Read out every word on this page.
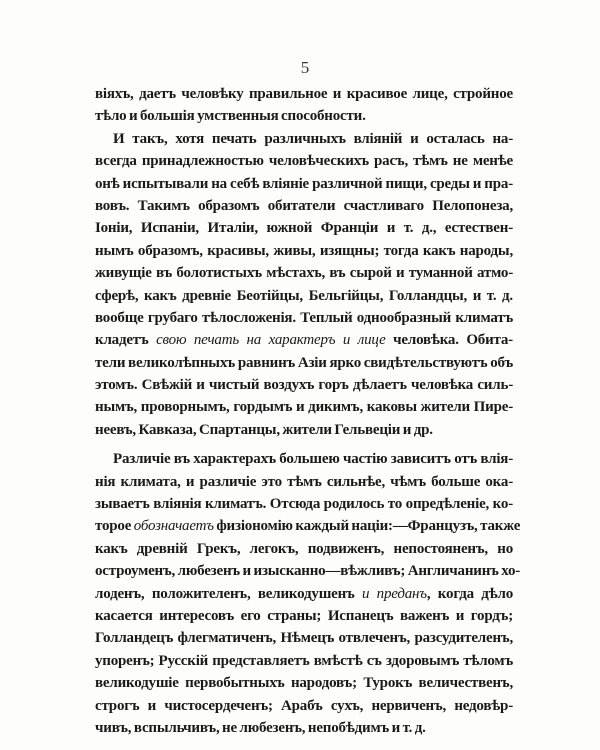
5
віяхъ, даетъ человѣку правильное и красивое лице, стройное
тѣло и большія умственныя способности.
И такъ, хотя печать различныхъ вліяній и осталась на-
всегда принадлежностью человѣческихъ расъ, тѣмъ не менѣе
онѣ испытывали на себѣ вліяніе различной пищи, среды и пра-
вовъ. Такимъ образомъ обитатели счастливаго Пелопонеза,
Іоніи, Испаніи, Италіи, южной Франціи и т. д., естествен-
нымъ образомъ, красивы, живы, изящны; тогда какъ народы,
живущіе въ болотистыхъ мѣстахъ, въ сырой и туманной атмо-
сферѣ, какъ древніе Беотійцы, Бельгійцы, Голландцы, и т. д.
вообще грубаго тѣлосложенія. Теплый однообразный климатъ
кладетъ свою печать на характеръ и лице человѣка. Обита-
тели великолѣпныхъ равнинъ Азіи ярко свидѣтельствуютъ объ
этомъ. Свѣжій и чистый воздухъ горъ дѣлаетъ человѣка силь-
нымъ, проворнымъ, гордымъ и дикимъ, каковы жители Пире-
неевъ, Кавказа, Спартанцы, жители Гельвеціи и др.
Различіе въ характерахъ большею частію зависитъ отъ влія-
нія климата, и различіе это тѣмъ сильнѣе, чѣмъ больше ока-
зываетъ вліянія климатъ. Отсюда родилось то опредѣленіе, ко-
торое обозначаетъ физіономію каждый націи:—Французъ, также
какъ древній Грекъ, легокъ, подвиженъ, непостояненъ, но
остроуменъ, любезенъ и изысканно—вѣжливъ; Англичанинъ хо-
лоденъ, положителенъ, великодушенъ и преданъ, когда дѣло
касается интересовъ его страны; Испанецъ важенъ и гордъ;
Голландецъ флегматиченъ, Нѣмецъ отвлеченъ, разсудителенъ,
упоренъ; Русскій представляетъ вмѣстѣ съ здоровымъ тѣломъ
великодушіе первобытныхъ народовъ; Турокъ величественъ,
строгъ и чистосердеченъ; Арабъ сухъ, нервиченъ, недовѣр-
чивъ, вспыльчивъ, не любезенъ, непобѣдимъ и т. д.
